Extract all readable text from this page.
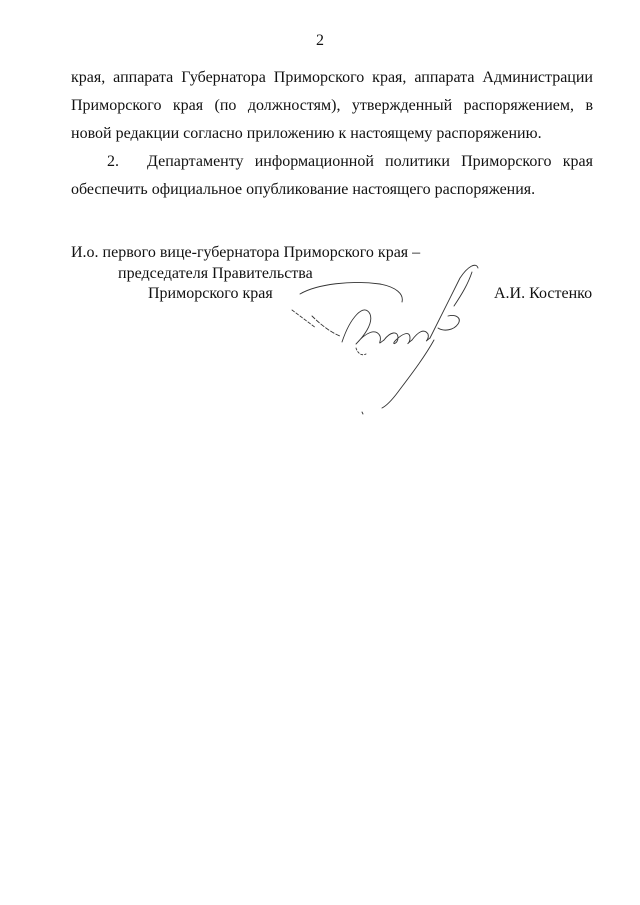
2

края, аппарата Губернатора Приморского края, аппарата Администрации Приморского края (по должностям), утвержденный распоряжением, в новой редакции согласно приложению к настоящему распоряжению.

2. Департаменту информационной политики Приморского края обеспечить официальное опубликование настоящего распоряжения.

И.о. первого вице-губернатора Приморского края –
председателя Правительства
Приморского края	А.И. Костенко
